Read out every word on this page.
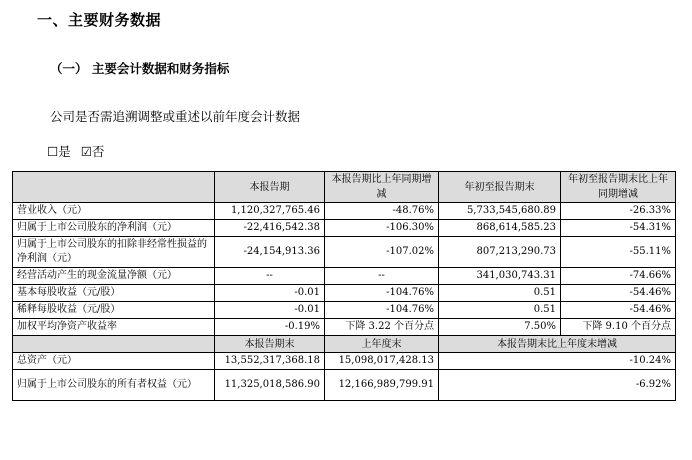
一、主要财务数据
（一） 主要会计数据和财务指标
公司是否需追溯调整或重述以前年度会计数据
☐是 ☑否
	本报告期	本报告期比上年同期增减	年初至报告期末	年初至报告期末比上年同期增减
营业收入（元）	1,120,327,765.46	-48.76%	5,733,545,680.89	-26.33%
归属于上市公司股东的净利润（元）	-22,416,542.38	-106.30%	868,614,585.23	-54.31%
归属于上市公司股东的扣除非经常性损益的净利润（元）	-24,154,913.36	-107.02%	807,213,290.73	-55.11%
经营活动产生的现金流量净额（元）	--	--	341,030,743.31	-74.66%
基本每股收益（元/股）	-0.01	-104.76%	0.51	-54.46%
稀释每股收益（元/股）	-0.01	-104.76%	0.51	-54.46%
加权平均净资产收益率	-0.19%	下降 3.22 个百分点	7.50%	下降 9.10 个百分点
	本报告期末	上年度末	本报告期末比上年度末增减	
总资产（元）	13,552,317,368.18	15,098,017,428.13	-10.24%	
归属于上市公司股东的所有者权益（元）	11,325,018,586.90	12,166,989,799.91	-6.92%	
